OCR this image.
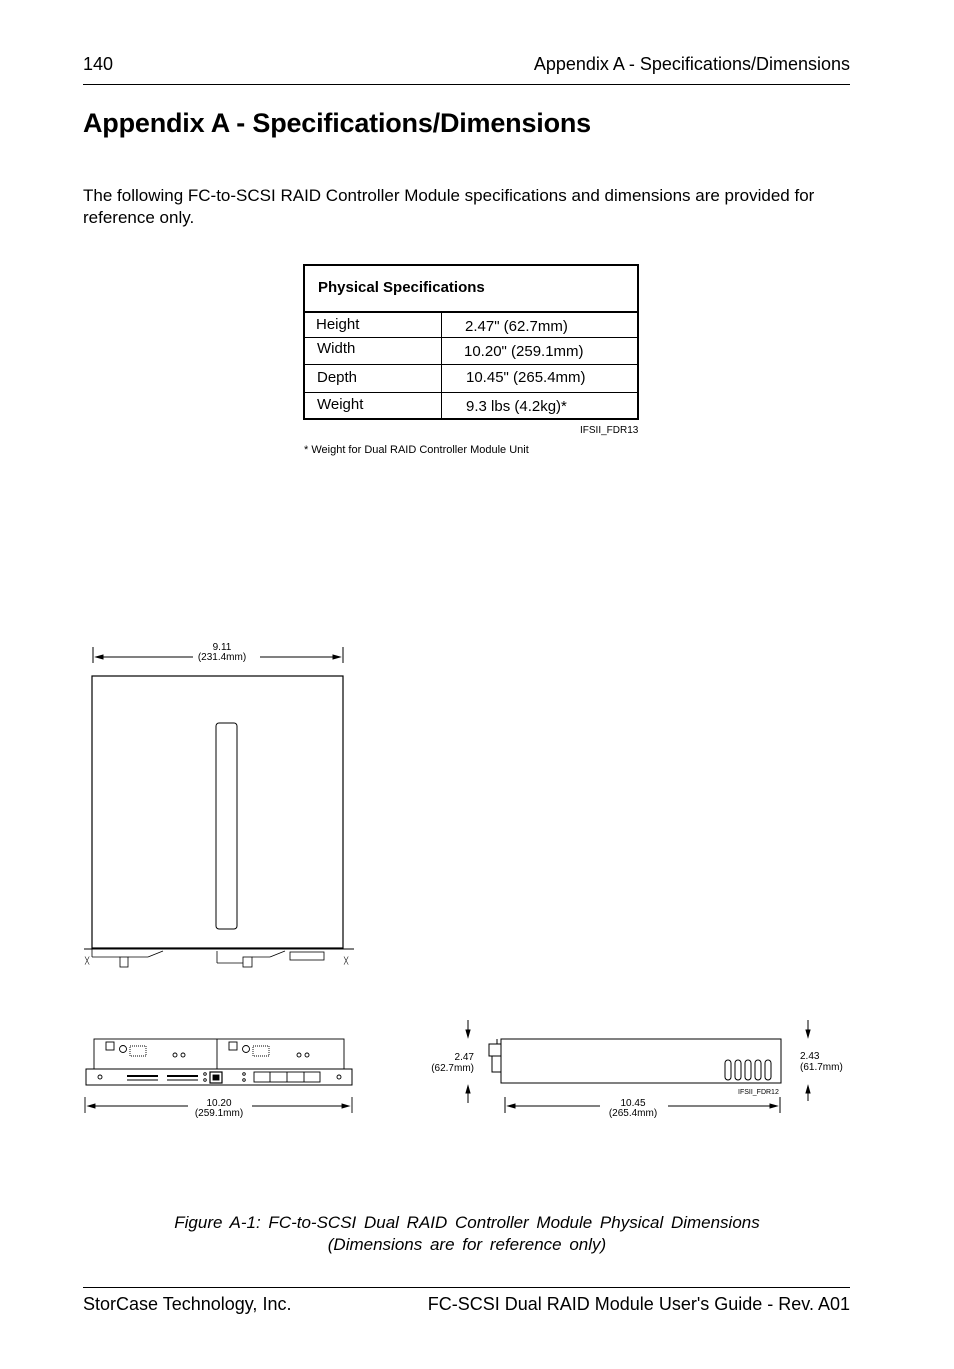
140	Appendix A - Specifications/Dimensions
Appendix A - Specifications/Dimensions

The following FC-to-SCSI RAID Controller Module specifications and dimensions are provided for reference only.

Physical Specifications
Height	2.47" (62.7mm)
Width	10.20" (259.1mm)
Depth	10.45" (265.4mm)
Weight	9.3 lbs (4.2kg)*
IFSII_FDR13
* Weight for Dual RAID Controller Module Unit
9.11
(231.4mm)
╳	╳
10.20
(259.1mm)
2.47
(62.7mm)
2.43
(61.7mm)
10.45
(265.4mm)
IFSII_FDR12
Figure A-1: FC-to-SCSI Dual RAID Controller Module Physical Dimensions
(Dimensions are for reference only)
StorCase Technology, Inc.	FC-SCSI Dual RAID Module User's Guide - Rev. A01
